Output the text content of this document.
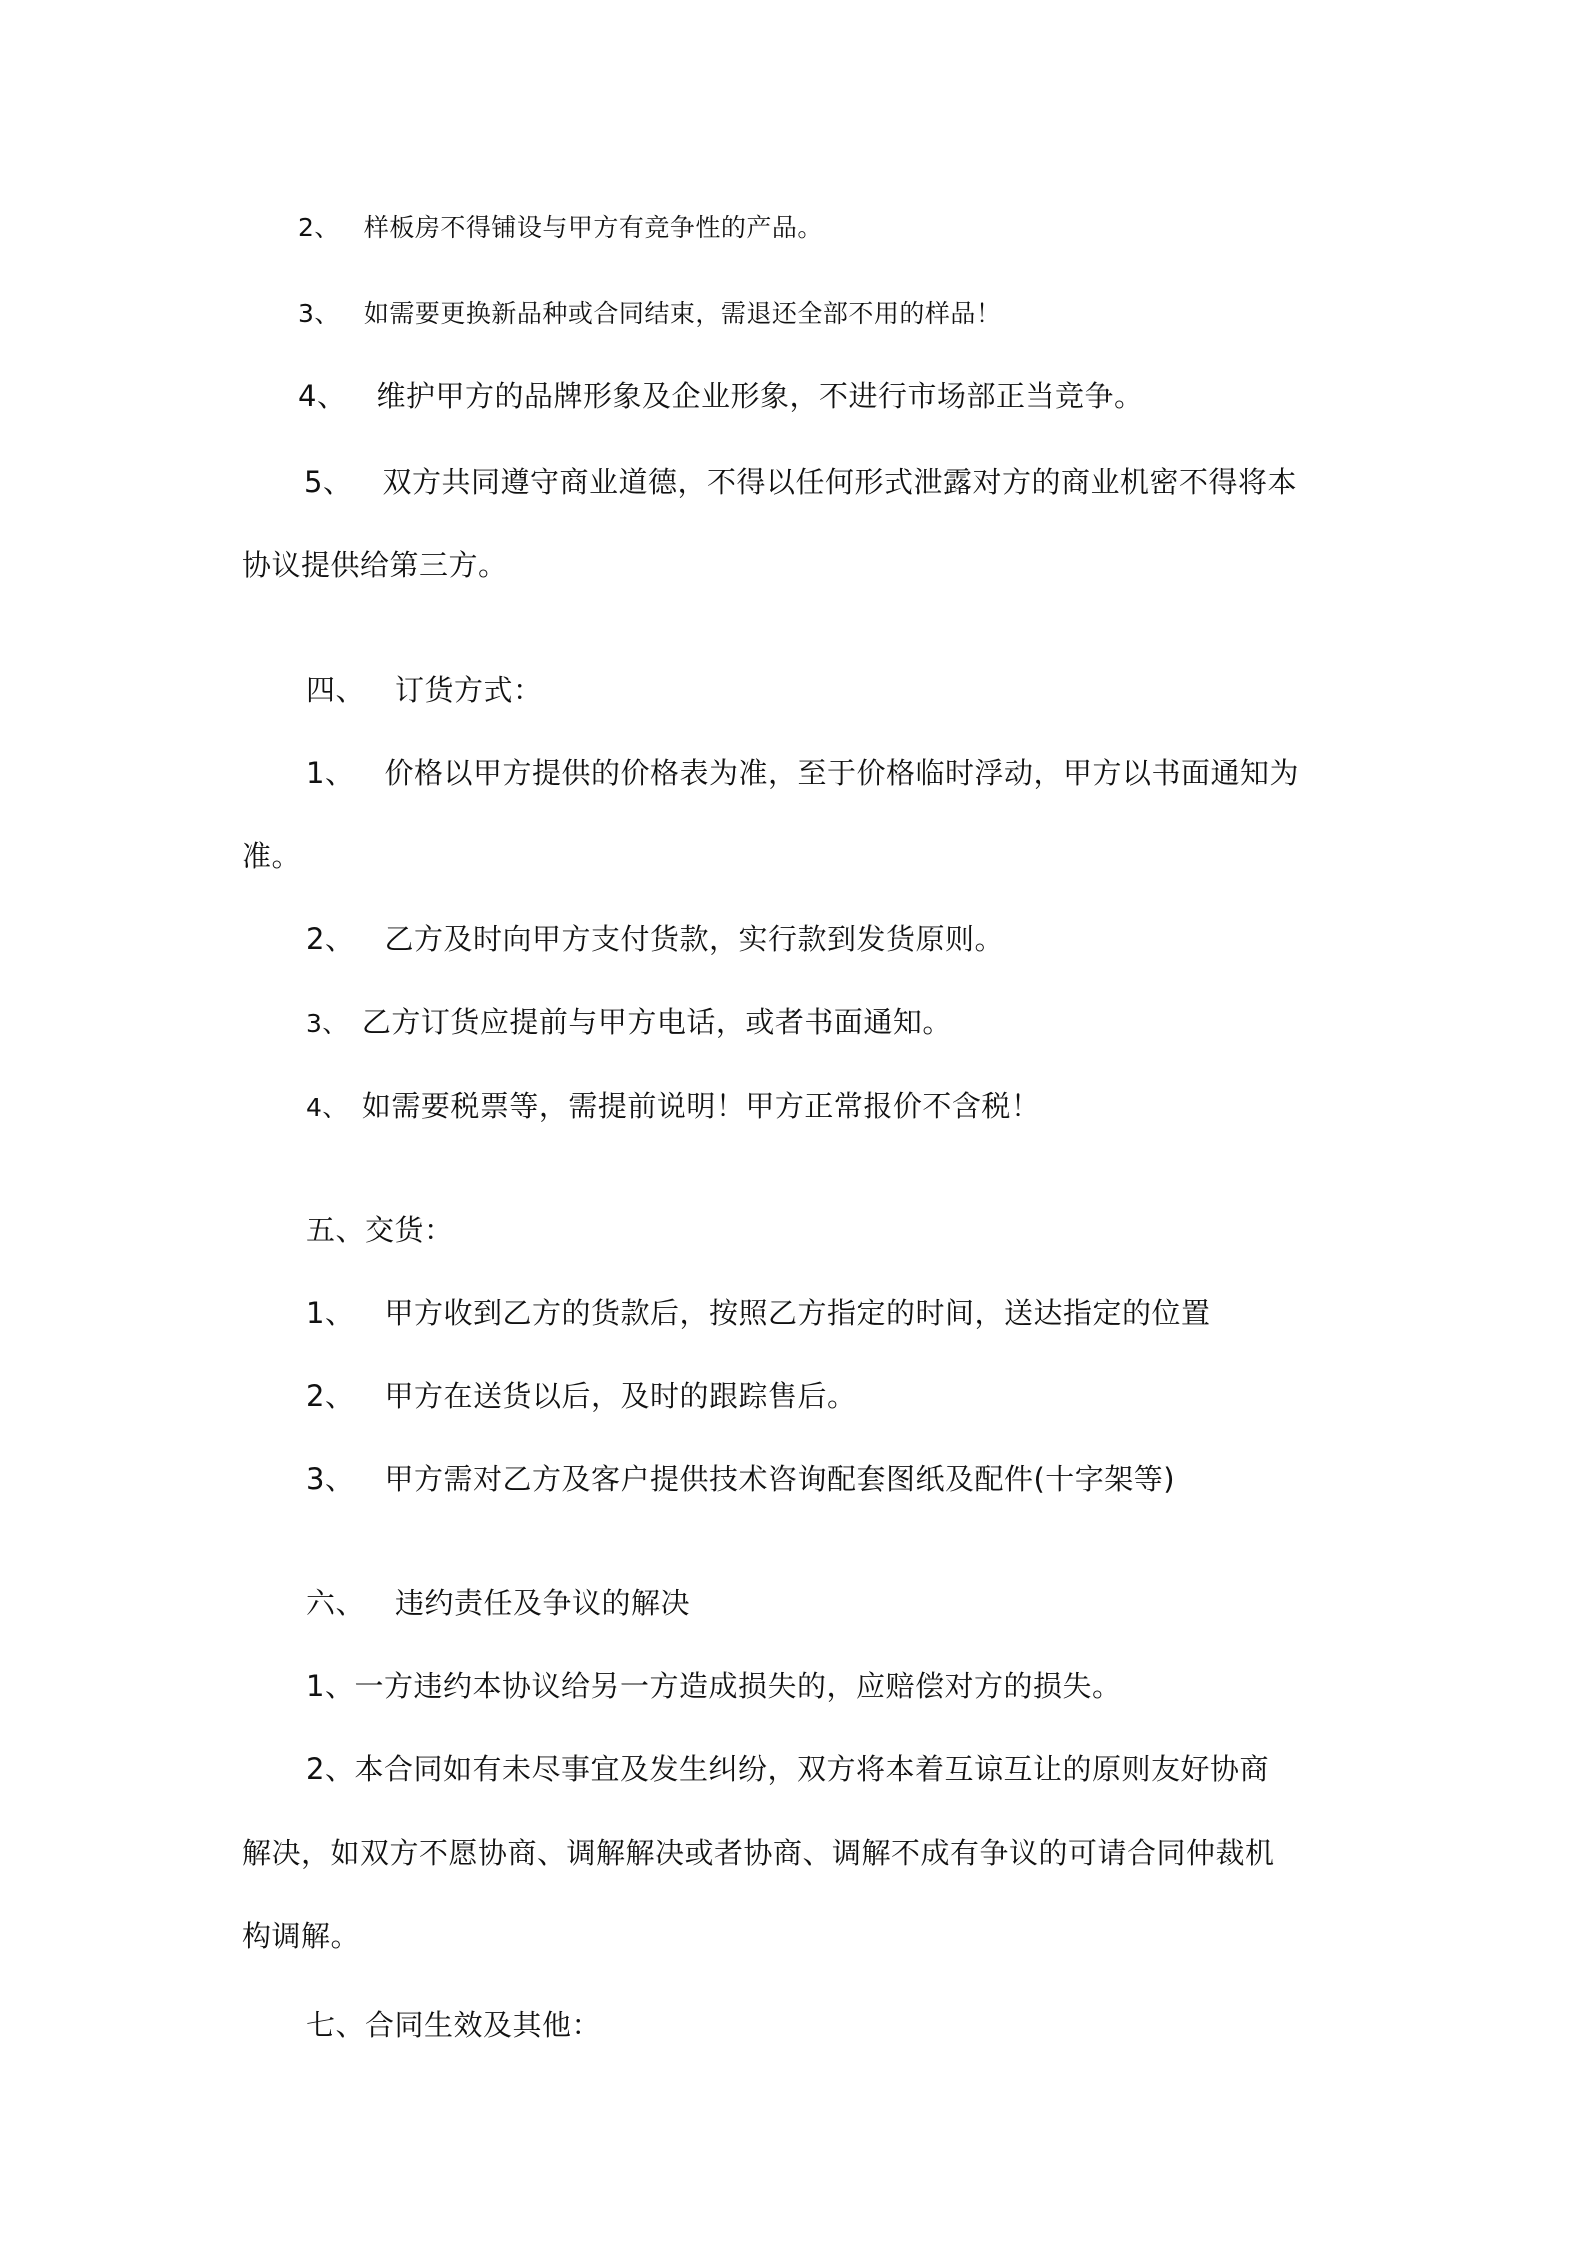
2、 样板房不得铺设与甲方有竞争性的产品。
3、 如需要更换新品种或合同结束，需退还全部不用的样品！
4、 维护甲方的品牌形象及企业形象，不进行市场部正当竞争。
5、 双方共同遵守商业道德，不得以任何形式泄露对方的商业机密不得将本
协议提供给第三方。
四、 订货方式：
1、 价格以甲方提供的价格表为准，至于价格临时浮动，甲方以书面通知为
准。
2、 乙方及时向甲方支付货款，实行款到发货原则。
3、 乙方订货应提前与甲方电话，或者书面通知。
4、 如需要税票等，需提前说明！甲方正常报价不含税！
五、交货：
1、 甲方收到乙方的货款后，按照乙方指定的时间，送达指定的位置
2、 甲方在送货以后，及时的跟踪售后。
3、 甲方需对乙方及客户提供技术咨询配套图纸及配件(十字架等)
六、 违约责任及争议的解决
1、一方违约本协议给另一方造成损失的，应赔偿对方的损失。
2、本合同如有未尽事宜及发生纠纷，双方将本着互谅互让的原则友好协商
解决，如双方不愿协商、调解解决或者协商、调解不成有争议的可请合同仲裁机
构调解。
七、合同生效及其他：
